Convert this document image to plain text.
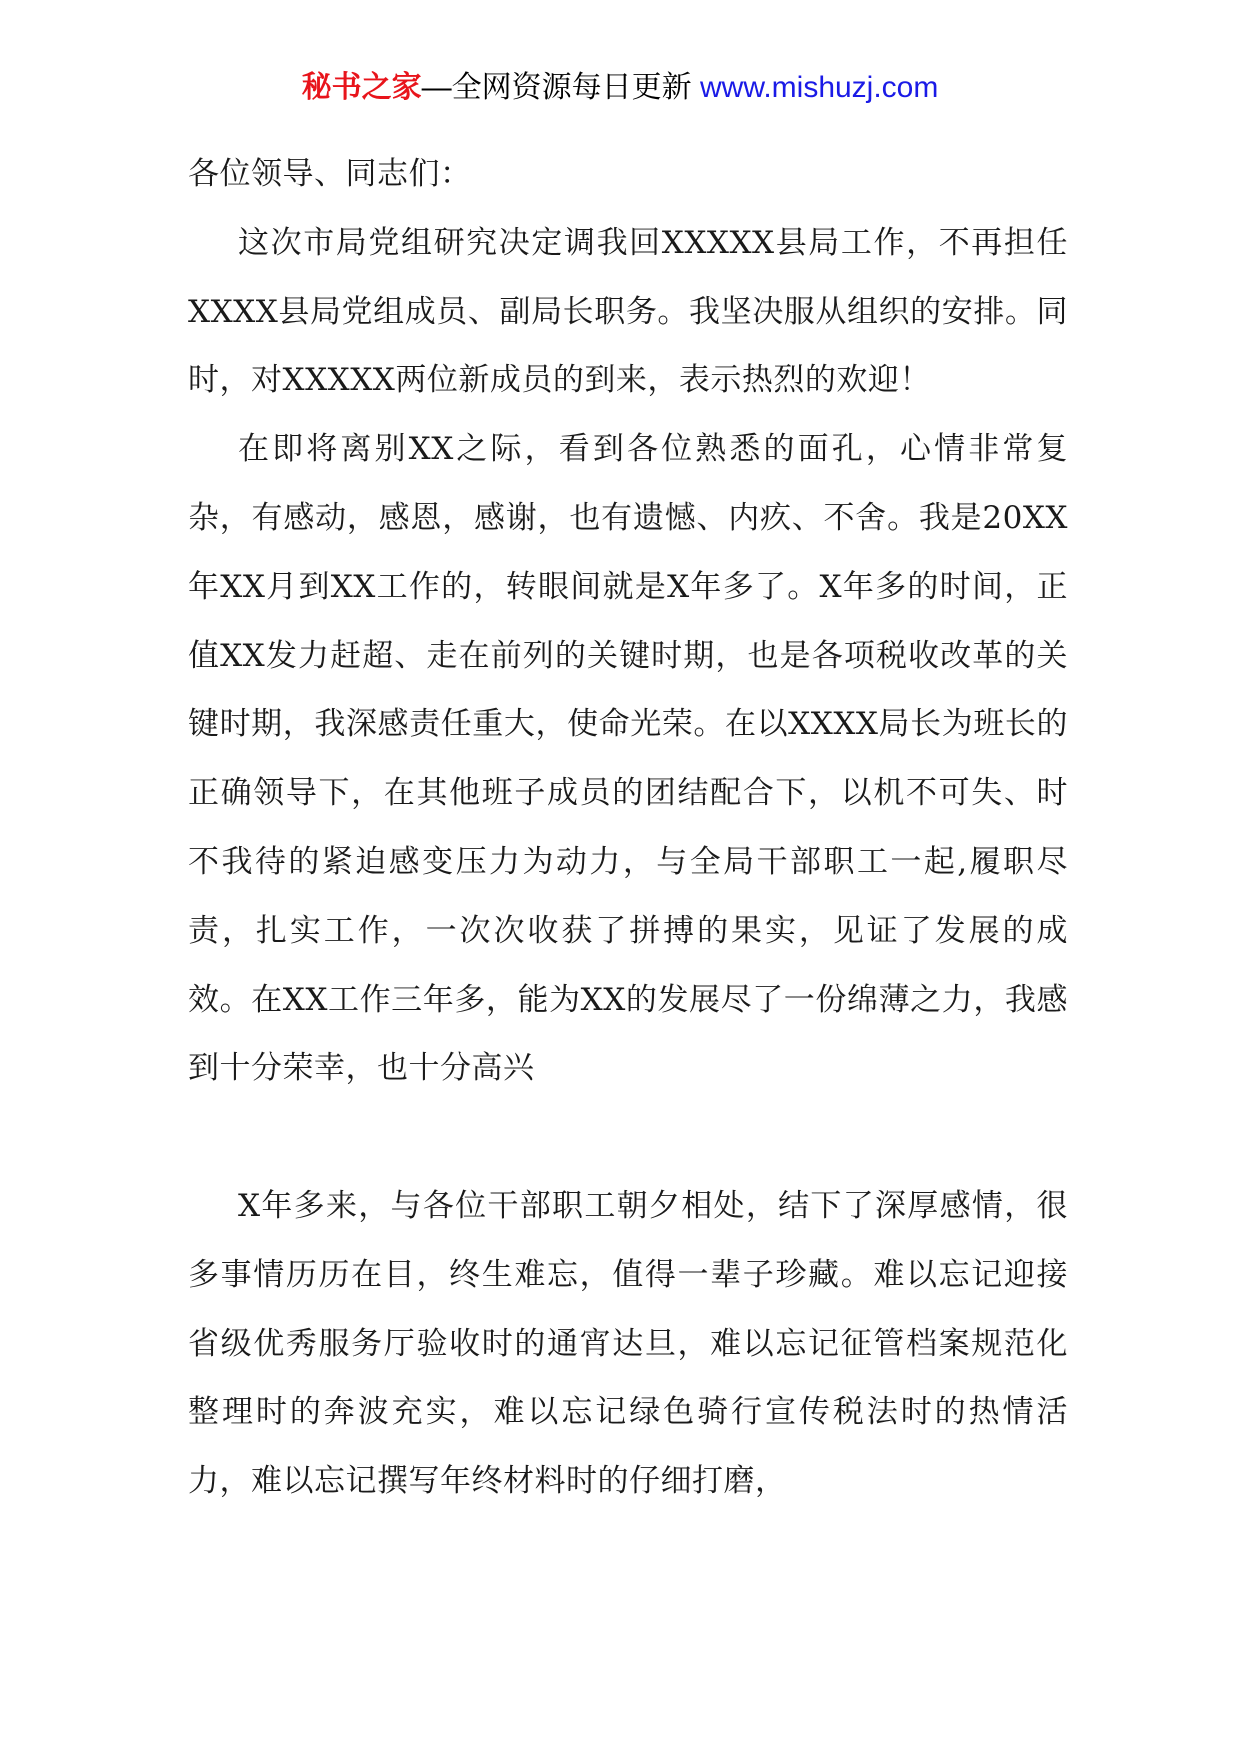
秘书之家—全网资源每日更新 www.mishuzj.com

各位领导、同志们：

这次市局党组研究决定调我回XXXXX县局工作，不再担任XXXX县局党组成员、副局长职务。我坚决服从组织的安排。同时，对XXXXX两位新成员的到来，表示热烈的欢迎！

在即将离别XX之际，看到各位熟悉的面孔，心情非常复杂，有感动，感恩，感谢，也有遗憾、内疚、不舍。我是20XX年XX月到XX工作的，转眼间就是X年多了。X年多的时间，正值XX发力赶超、走在前列的关键时期，也是各项税收改革的关键时期，我深感责任重大，使命光荣。在以XXXX局长为班长的正确领导下，在其他班子成员的团结配合下，以机不可失、时不我待的紧迫感变压力为动力，与全局干部职工一起,履职尽责，扎实工作，一次次收获了拼搏的果实，见证了发展的成效。在XX工作三年多，能为XX的发展尽了一份绵薄之力，我感到十分荣幸，也十分高兴

X年多来，与各位干部职工朝夕相处，结下了深厚感情，很多事情历历在目，终生难忘，值得一辈子珍藏。难以忘记迎接省级优秀服务厅验收时的通宵达旦，难以忘记征管档案规范化整理时的奔波充实，难以忘记绿色骑行宣传税法时的热情活力，难以忘记撰写年终材料时的仔细打磨，
